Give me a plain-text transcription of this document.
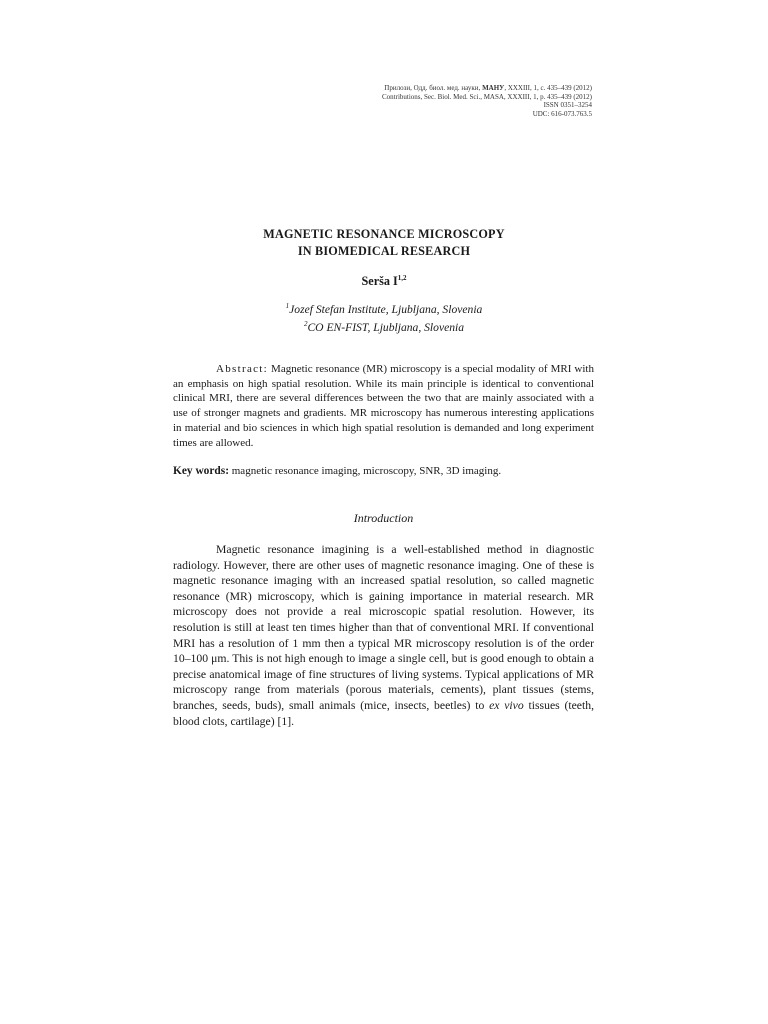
Прилози, Одд. биол. мед. науки, МАНУ, XXXIII, 1, с. 435–439 (2012)
Contributions, Sec. Biol. Med. Sci., MASA, XXXIII, 1, p. 435–439 (2012)
ISSN 0351–3254
UDC: 616-073.763.5
MAGNETIC RESONANCE MICROSCOPY
IN BIOMEDICAL RESEARCH
Serša I$^{1,2}$
$^1$Jozef Stefan Institute, Ljubljana, Slovenia
$^2$CO EN-FIST, Ljubljana, Slovenia

Abstract: Magnetic resonance (MR) microscopy is a special modality of MRI with an emphasis on high spatial resolution. While its main principle is identical to conventional clinical MRI, there are several differences between the two that are mainly associated with a use of stronger magnets and gradients. MR microscopy has numerous interesting applications in material and bio sciences in which high spatial resolution is demanded and long experiment times are allowed.

Key words: magnetic resonance imaging, microscopy, SNR, 3D imaging.

Introduction

Magnetic resonance imagining is a well-established method in diagnostic radiology. However, there are other uses of magnetic resonance imaging. One of these is magnetic resonance imaging with an increased spatial resolution, so called magnetic resonance (MR) microscopy, which is gaining importance in material research. MR microscopy does not provide a real microscopic spatial resolution. However, its resolution is still at least ten times higher than that of conventional MRI. If conventional MRI has a resolution of 1 mm then a typical MR microscopy resolution is of the order 10–100 μm. This is not high enough to image a single cell, but is good enough to obtain a precise anatomical image of fine structures of living systems. Typical applications of MR microscopy range from materials (porous materials, cements), plant tissues (stems, branches, seeds, buds), small animals (mice, insects, beetles) to ex vivo tissues (teeth, blood clots, cartilage) [1].
